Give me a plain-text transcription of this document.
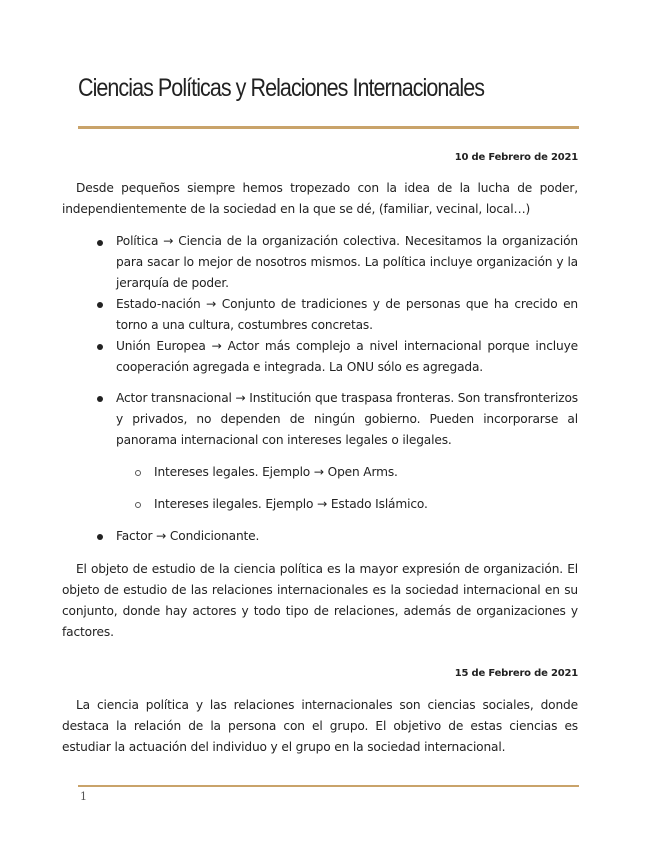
Ciencias Políticas y Relaciones Internacionales
10 de Febrero de 2021

Desde pequeños siempre hemos tropezado con la idea de la lucha de poder, independientemente de la sociedad en la que se dé, (familiar, vecinal, local…)

Política → Ciencia de la organización colectiva. Necesitamos la organización para sacar lo mejor de nosotros mismos. La política incluye organización y la jerarquía de poder.

Estado-nación → Conjunto de tradiciones y de personas que ha crecido en torno a una cultura, costumbres concretas.

Unión Europea → Actor más complejo a nivel internacional porque incluye cooperación agregada e integrada. La ONU sólo es agregada.

Actor transnacional → Institución que traspasa fronteras. Son transfronterizos y privados, no dependen de ningún gobierno. Pueden incorporarse al panorama internacional con intereses legales o ilegales.

Intereses legales. Ejemplo → Open Arms.

Intereses ilegales. Ejemplo → Estado Islámico.

Factor → Condicionante.

El objeto de estudio de la ciencia política es la mayor expresión de organización. El objeto de estudio de las relaciones internacionales es la sociedad internacional en su conjunto, donde hay actores y todo tipo de relaciones, además de organizaciones y factores.

15 de Febrero de 2021

La ciencia política y las relaciones internacionales son ciencias sociales, donde destaca la relación de la persona con el grupo. El objetivo de estas ciencias es estudiar la actuación del individuo y el grupo en la sociedad internacional.

1
